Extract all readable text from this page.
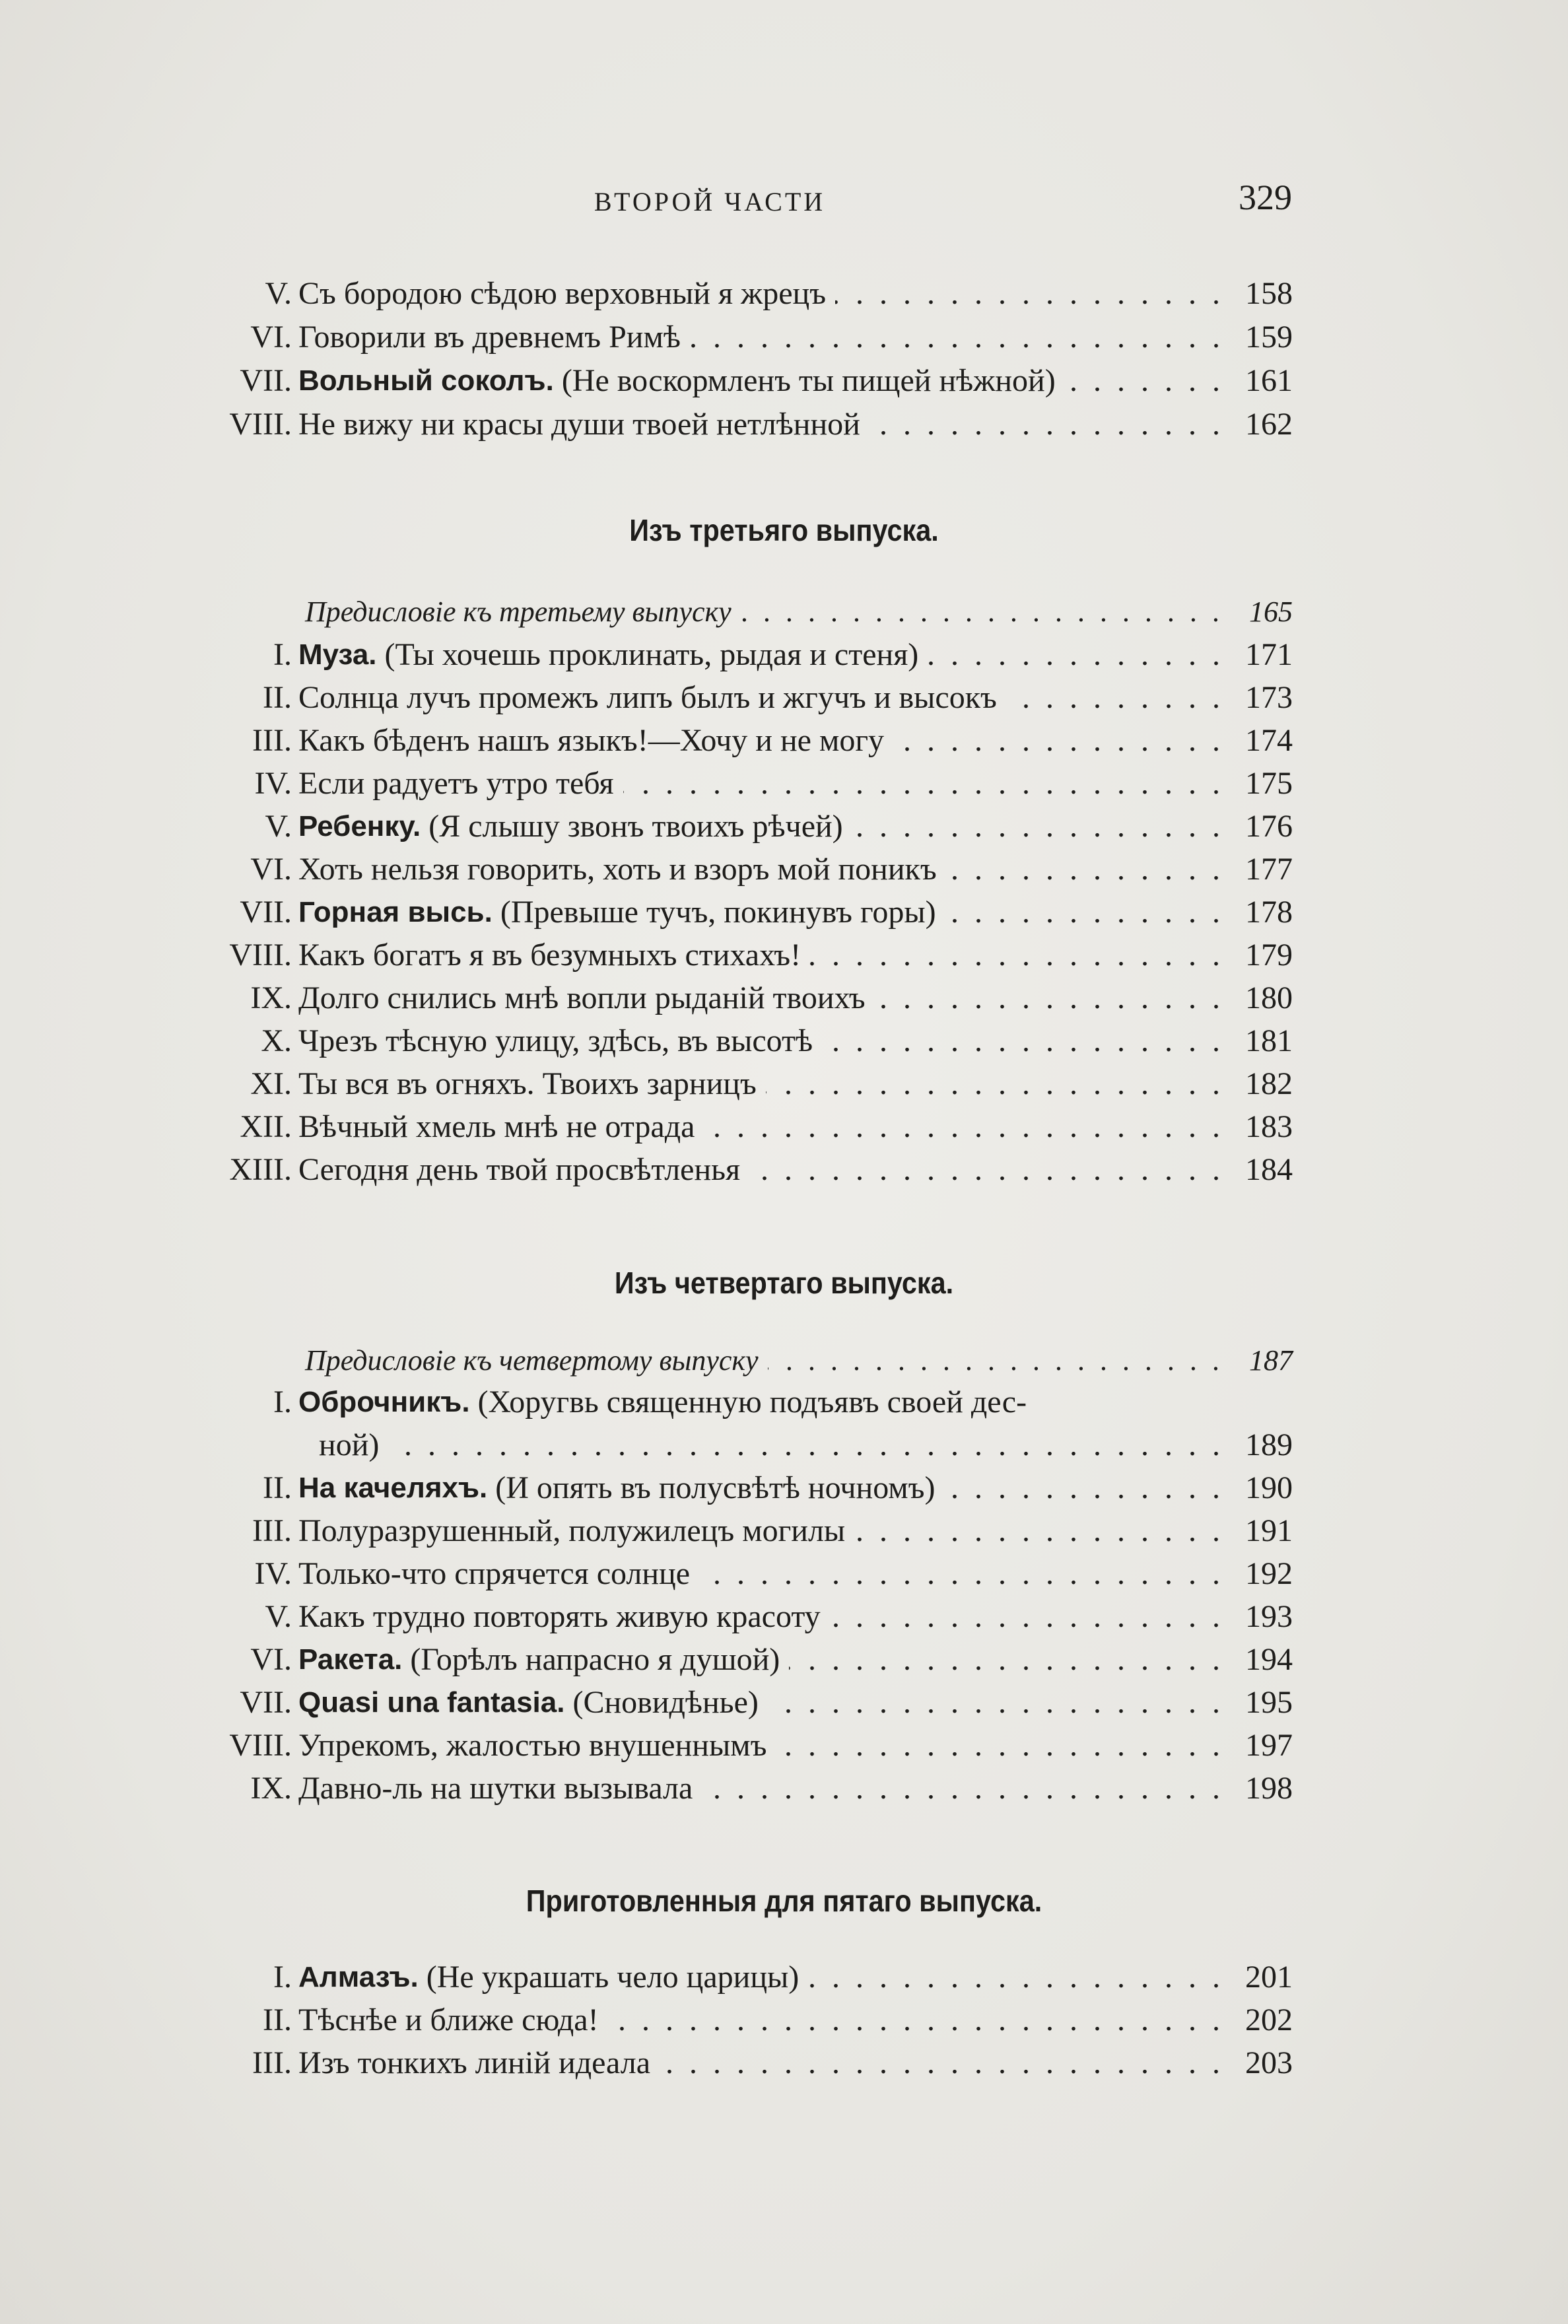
ВТОРОЙ ЧАСТИ	329
V. Съ бородою сѣдою верховный я жрецъ . . .	158
VI. Говорили въ древнемъ Римѣ . . .	159
VII. Вольный соколъ. (Не воскормленъ ты пищей нѣжной) . . .	161
VIII. Не вижу ни красы души твоей нетлѣнной . . .	162
Изъ третьяго выпуска.
Предисловіе къ третьему выпуску . . .	165
I. Муза. (Ты хочешь проклинать, рыдая и стеня) . . .	171
II. Солнца лучъ промежъ липъ былъ и жгучъ и высокъ . . .	173
III. Какъ бѣденъ нашъ языкъ!—Хочу и не могу . . .	174
IV. Если радуетъ утро тебя . . .	175
V. Ребенку. (Я слышу звонъ твоихъ рѣчей) . . .	176
VI. Хоть нельзя говорить, хоть и взоръ мой поникъ . . .	177
VII. Горная высь. (Превыше тучъ, покинувъ горы) . . .	178
VIII. Какъ богатъ я въ безумныхъ стихахъ! . . .	179
IX. Долго снились мнѣ вопли рыданій твоихъ . . .	180
X. Чрезъ тѣсную улицу, здѣсь, въ высотѣ . . .	181
XI. Ты вся въ огняхъ. Твоихъ зарницъ . . .	182
XII. Вѣчный хмель мнѣ не отрада . . .	183
XIII. Сегодня день твой просвѣтленья . . .	184
Изъ четвертаго выпуска.
Предисловіе къ четвертому выпуску . . .	187
I. Оброчникъ. (Хоругвь священную подъявъ своей дес-
ной) . . .	189
II. На качеляхъ. (И опять въ полусвѣтѣ ночномъ) . . .	190
III. Полуразрушенный, полужилецъ могилы . . .	191
IV. Только-что спрячется солнце . . .	192
V. Какъ трудно повторять живую красоту . . .	193
VI. Ракета. (Горѣлъ напрасно я душой) . . .	194
VII. Quasi una fantasia. (Сновидѣнье) . . .	195
VIII. Упрекомъ, жалостью внушеннымъ . . .	197
IX. Давно-ль на шутки вызывала . . .	198
Приготовленныя для пятаго выпуска.
I. Алмазъ. (Не украшать чело царицы) . . .	201
II. Тѣснѣе и ближе сюда! . . .	202
III. Изъ тонкихъ линій идеала . . .	203
